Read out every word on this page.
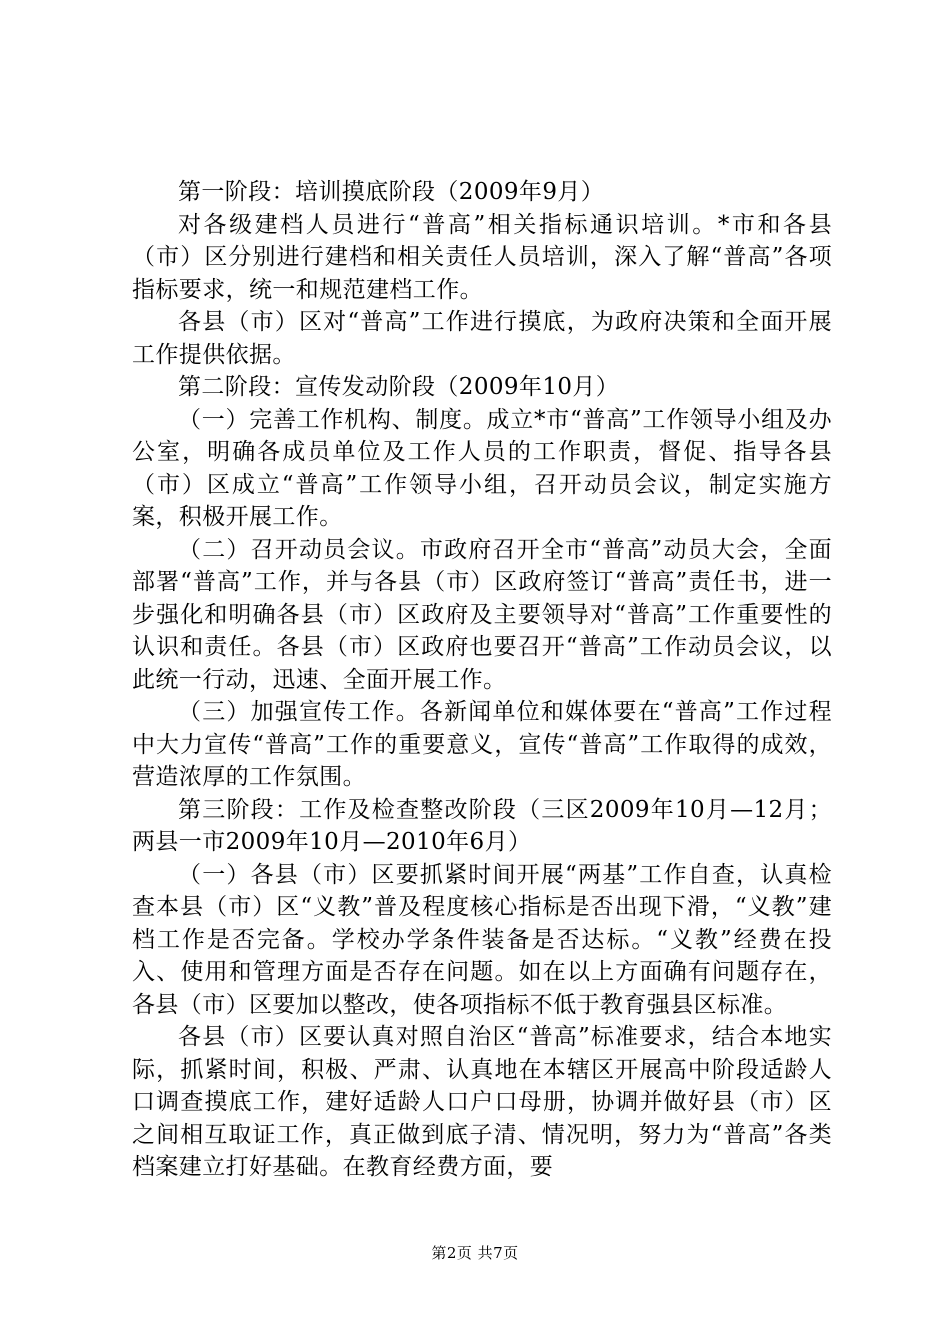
第一阶段：培训摸底阶段（2009年9月）

对各级建档人员进行“普高”相关指标通识培训。*市和各县（市）区分别进行建档和相关责任人员培训，深入了解“普高”各项指标要求，统一和规范建档工作。

各县（市）区对“普高”工作进行摸底，为政府决策和全面开展工作提供依据。

第二阶段：宣传发动阶段（2009年10月）

（一）完善工作机构、制度。成立*市“普高”工作领导小组及办公室，明确各成员单位及工作人员的工作职责，督促、指导各县（市）区成立“普高”工作领导小组，召开动员会议，制定实施方案，积极开展工作。

（二）召开动员会议。市政府召开全市“普高”动员大会，全面部署“普高”工作，并与各县（市）区政府签订“普高”责任书，进一步强化和明确各县（市）区政府及主要领导对“普高”工作重要性的认识和责任。各县（市）区政府也要召开“普高”工作动员会议，以此统一行动，迅速、全面开展工作。

（三）加强宣传工作。各新闻单位和媒体要在“普高”工作过程中大力宣传“普高”工作的重要意义，宣传“普高”工作取得的成效，营造浓厚的工作氛围。

第三阶段：工作及检查整改阶段（三区2009年10月—12月；两县一市2009年10月—2010年6月）

（一）各县（市）区要抓紧时间开展“两基”工作自查，认真检查本县（市）区“义教”普及程度核心指标是否出现下滑，“义教”建档工作是否完备。学校办学条件装备是否达标。“义教”经费在投入、使用和管理方面是否存在问题。如在以上方面确有问题存在，各县（市）区要加以整改，使各项指标不低于教育强县区标准。

各县（市）区要认真对照自治区“普高”标准要求，结合本地实际，抓紧时间，积极、严肃、认真地在本辖区开展高中阶段适龄人口调查摸底工作，建好适龄人口户口母册，协调并做好县（市）区之间相互取证工作，真正做到底子清、情况明，努力为“普高”各类档案建立打好基础。在教育经费方面，要

第2页 共7页
